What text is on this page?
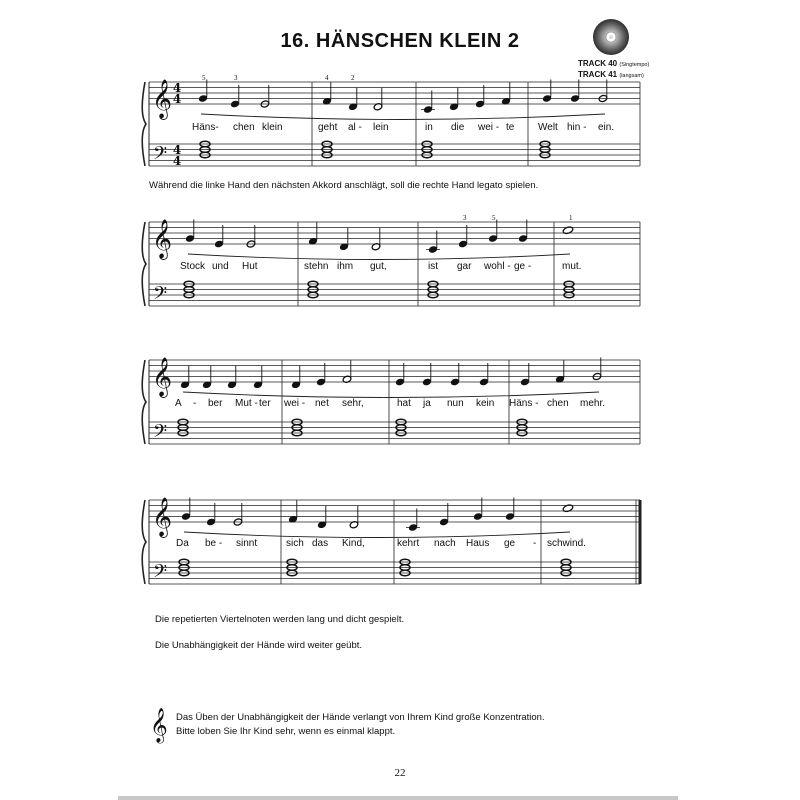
16. HÄNSCHEN KLEIN 2
TRACK 40 (Singtempo)
TRACK 41 (langsam)
𝄞
𝄢
4
4
4
4
𝄞
𝄢
𝄞
𝄢
𝄞
𝄢
Häns- chen klein	geht al - lein	in die wei - te Welt hin - ein.
5	3	4	2
Stock und Hut	stehn ihm gut,	ist gar wohl - ge -	mut.
3	5	1
A - ber Mut - ter wei - net sehr,	hat ja nun kein Häns - chen mehr.
Da be - sinnt	sich das Kind,	kehrt nach Haus ge - schwind.
Während die linke Hand den nächsten Akkord anschlägt, soll die rechte Hand legato spielen.
Die repetierten Viertelnoten werden lang und dicht gespielt.
Die Unabhängigkeit der Hände wird weiter geübt.
𝄞 Das Üben der Unabhängigkeit der Hände verlangt von Ihrem Kind große Konzentration.
Bitte loben Sie Ihr Kind sehr, wenn es einmal klappt.
22
